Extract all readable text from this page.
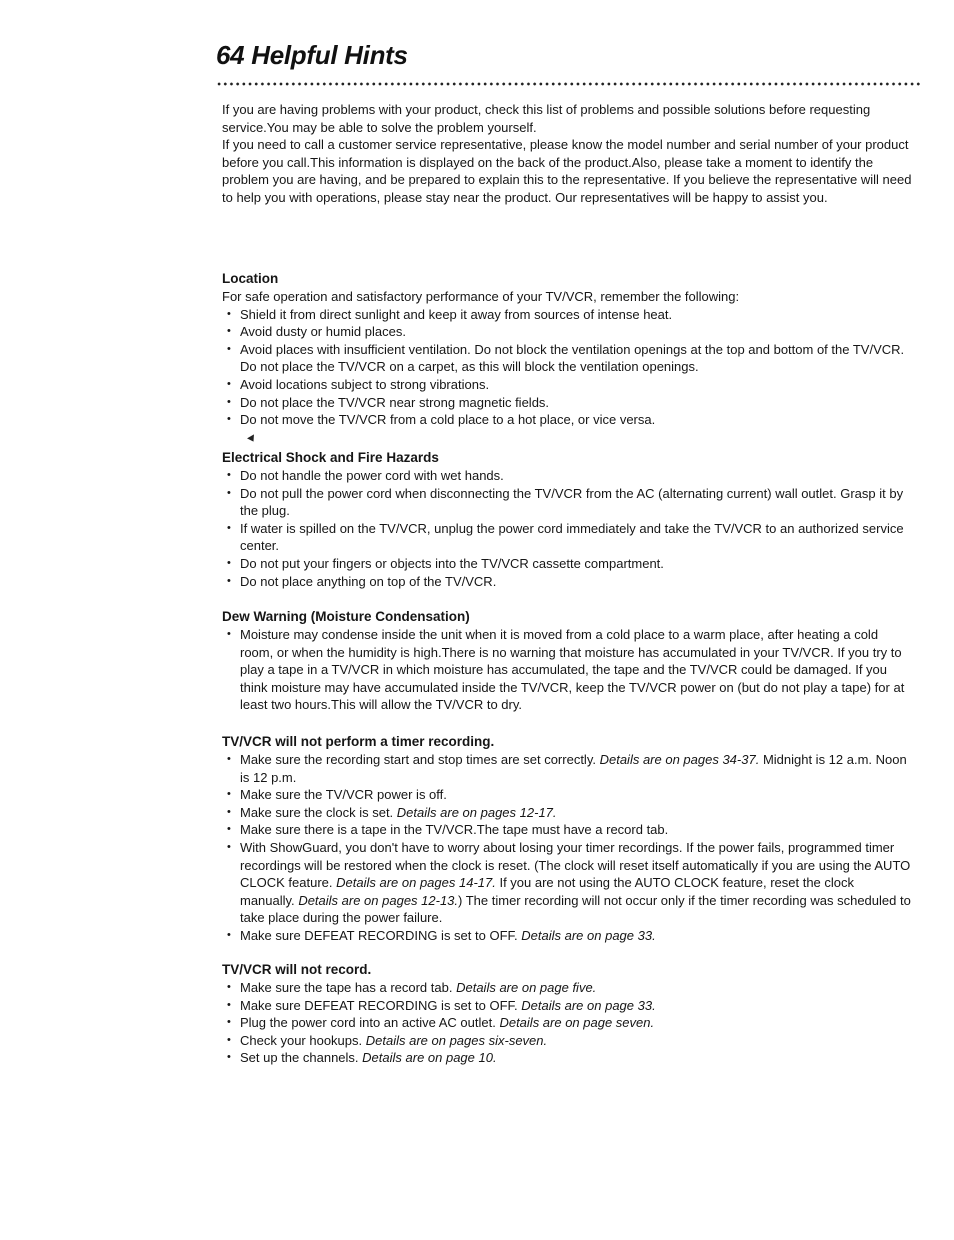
64 Helpful Hints

If you are having problems with your product, check this list of problems and possible solutions before requesting service.You may be able to solve the problem yourself.

If you need to call a customer service representative, please know the model number and serial number of your product before you call.This information is displayed on the back of the product.Also, please take a moment to identify the problem you are having, and be prepared to explain this to the representative. If you believe the representative will need to help you with operations, please stay near the product. Our representatives will be happy to assist you.

Location

For safe operation and satisfactory performance of your TV/VCR, remember the following:

• Shield it from direct sunlight and keep it away from sources of intense heat.
• Avoid dusty or humid places.
• Avoid places with insufficient ventilation. Do not block the ventilation openings at the top and bottom of the TV/VCR. Do not place the TV/VCR on a carpet, as this will block the ventilation openings.
• Avoid locations subject to strong vibrations.
• Do not place the TV/VCR near strong magnetic fields.
• Do not move the TV/VCR from a cold place to a hot place, or vice versa.
Electrical Shock and Fire Hazards
• Do not handle the power cord with wet hands.
• Do not pull the power cord when disconnecting the TV/VCR from the AC (alternating current) wall outlet. Grasp it by the plug.
• If water is spilled on the TV/VCR, unplug the power cord immediately and take the TV/VCR to an authorized service center.
• Do not put your fingers or objects into the TV/VCR cassette compartment.
• Do not place anything on top of the TV/VCR.
Dew Warning (Moisture Condensation)
• Moisture may condense inside the unit when it is moved from a cold place to a warm place, after heating a cold room, or when the humidity is high.There is no warning that moisture has accumulated in your TV/VCR. If you try to play a tape in a TV/VCR in which moisture has accumulated, the tape and the TV/VCR could be damaged. If you think moisture may have accumulated inside the TV/VCR, keep the TV/VCR power on (but do not play a tape) for at least two hours.This will allow the TV/VCR to dry.
TV/VCR will not perform a timer recording.
• Make sure the recording start and stop times are set correctly. Details are on pages 34-37. Midnight is 12 a.m. Noon is 12 p.m.
• Make sure the TV/VCR power is off.
• Make sure the clock is set. Details are on pages 12-17.
• Make sure there is a tape in the TV/VCR.The tape must have a record tab.
• With ShowGuard, you don't have to worry about losing your timer recordings. If the power fails, programmed timer recordings will be restored when the clock is reset. (The clock will reset itself automatically if you are using the AUTO CLOCK feature. Details are on pages 14-17. If you are not using the AUTO CLOCK feature, reset the clock manually. Details are on pages 12-13.) The timer recording will not occur only if the timer recording was scheduled to take place during the power failure.
• Make sure DEFEAT RECORDING is set to OFF. Details are on page 33.
TV/VCR will not record.
• Make sure the tape has a record tab. Details are on page five.
• Make sure DEFEAT RECORDING is set to OFF. Details are on page 33.
• Plug the power cord into an active AC outlet. Details are on page seven.
• Check your hookups. Details are on pages six-seven.
• Set up the channels. Details are on page 10.
